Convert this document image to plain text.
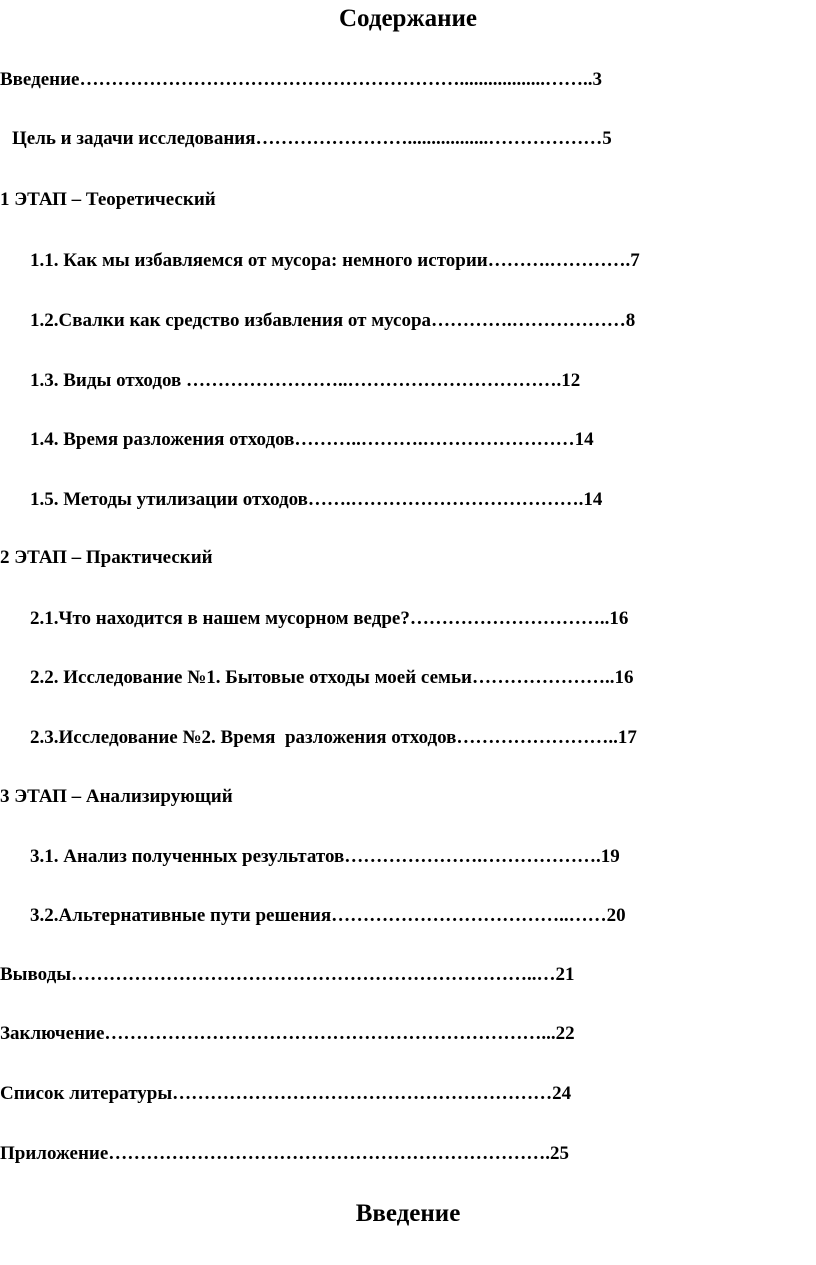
Содержание
Введение……………………………………………………..................……..3
Цель и задачи исследования…………………….................………………5
1 ЭТАП – Теоретический
1.1. Как мы избавляемся от мусора: немного истории……….………….7
1.2.Свалки как средство избавления от мусора………….………………8
1.3. Виды отходов ……………………..…………………………….12
1.4. Время разложения отходов………..……….……………………14
1.5. Методы утилизации отходов…….……………………………….14
2 ЭТАП – Практический
2.1.Что находится в нашем мусорном ведре?…………………………..16
2.2. Исследование №1. Бытовые отходы моей семьи…………………..16
2.3.Исследование №2. Время  разложения отходов……………………..17
3 ЭТАП – Анализирующий
3.1. Анализ полученных результатов………………….……………….19
3.2.Альтернативные пути решения………………………………..……20
Выводы………………………………………………………………..…21
Заключение……………………………………………………………...22
Список литературы……………………………………………………24
Приложение…………………………………………………………….25
Введение
